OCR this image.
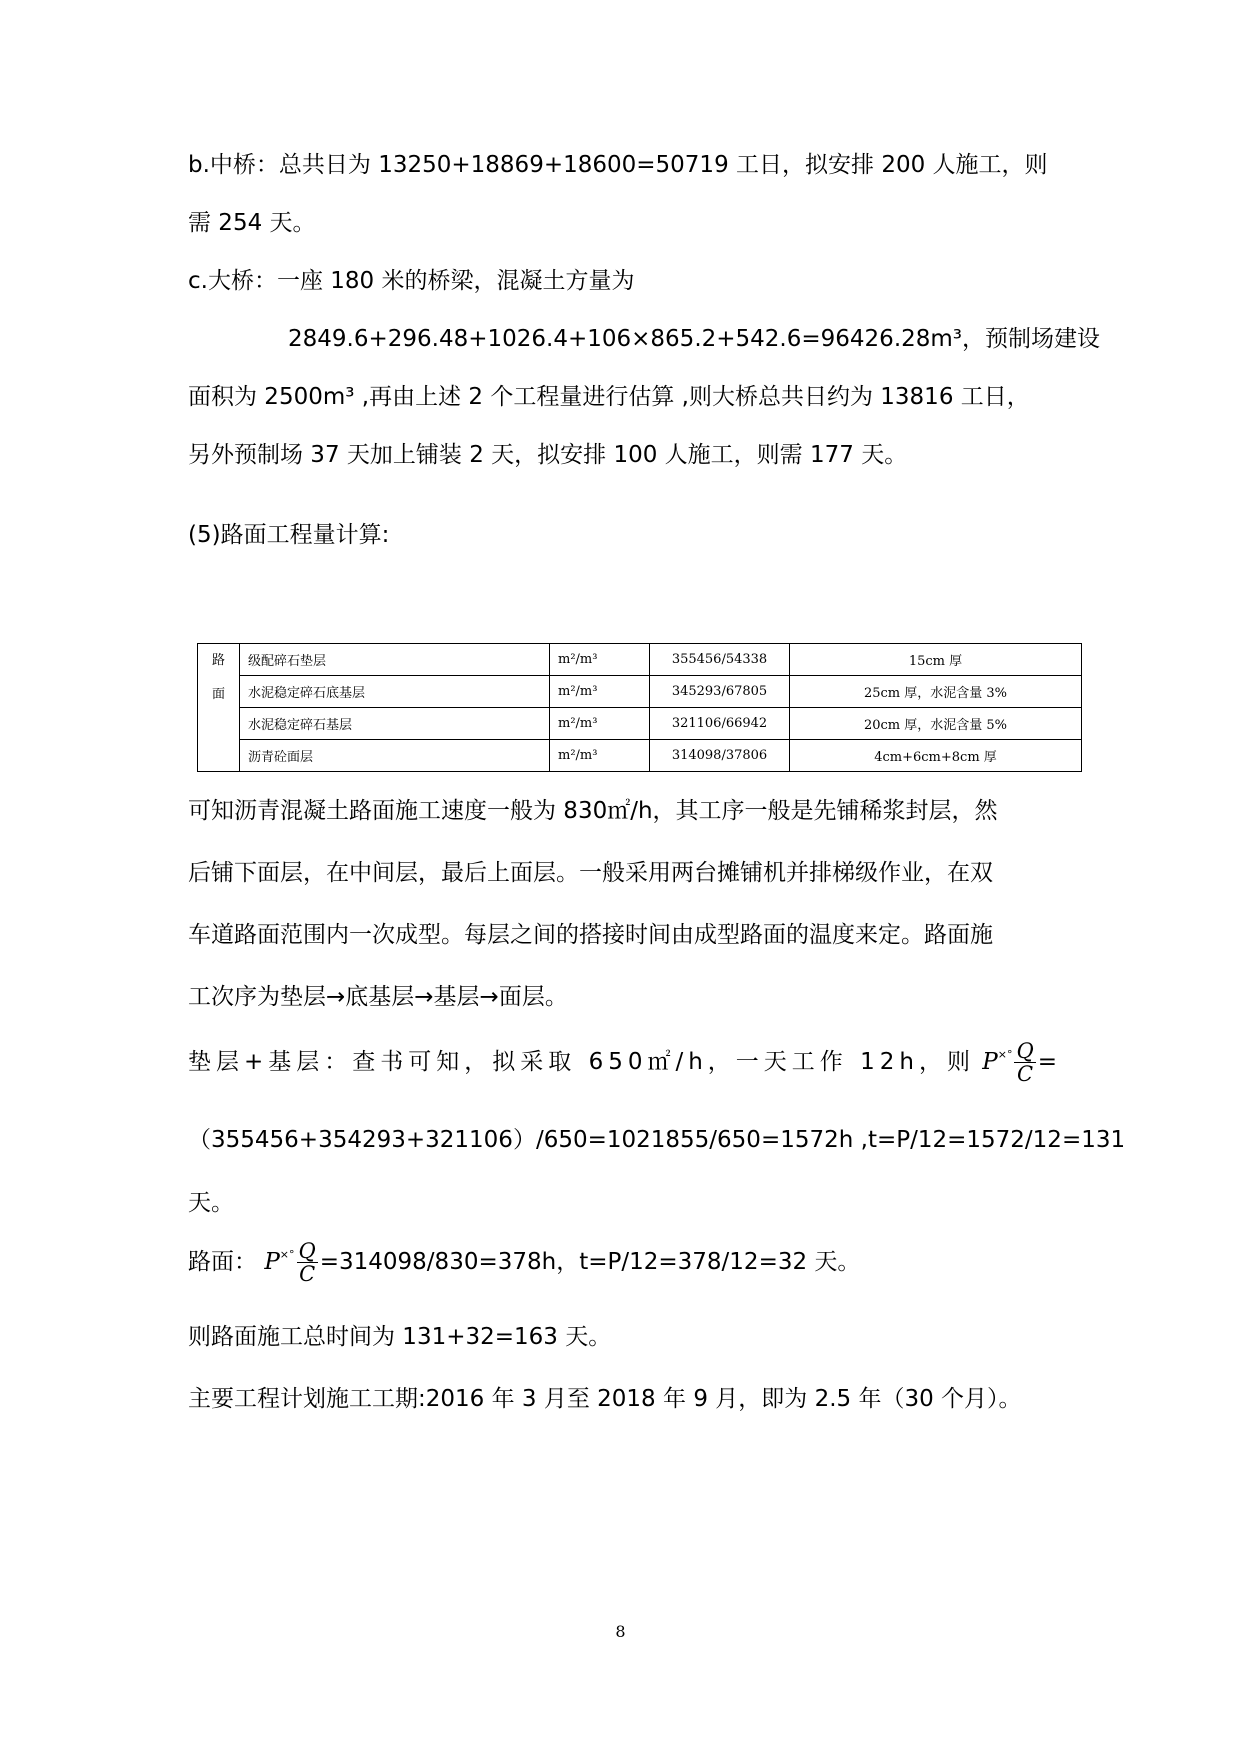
b.中桥：总共日为 13250+18869+18600=50719 工日，拟安排 200 人施工，则
需 254 天。
c.大桥：一座 180 米的桥梁，混凝土方量为
2849.6+296.48+1026.4+106×865.2+542.6=96426.28m³，预制场建设
面积为 2500m³ ,再由上述 2 个工程量进行估算 ,则大桥总共日约为 13816 工日，
另外预制场 37 天加上铺装 2 天，拟安排 100 人施工，则需 177 天。
(5)路面工程量计算:
路
面	级配碎石垫层	m²/m³	355456/54338	15cm 厚
	水泥稳定碎石底基层	m²/m³	345293/67805	25cm 厚，水泥含量 3%
	水泥稳定碎石基层	m²/m³	321106/66942	20cm 厚，水泥含量 5%
	沥青砼面层	m²/m³	314098/37806	4cm+6cm+8cm 厚
可知沥青混凝土路面施工速度一般为 830㎡/h，其工序一般是先铺稀浆封层，然
后铺下面层，在中间层，最后上面层。一般采用两台摊铺机并排梯级作业，在双
车道路面范围内一次成型。每层之间的搭接时间由成型路面的温度来定。路面施
工次序为垫层→底基层→基层→面层。
垫层+基层：查书可知，拟采取 650㎡/h，一天工作 12h，则 $P^{\times^\circ} \frac{Q}{C}$ =
（355456+354293+321106）/650=1021855/650=1572h ,t=P/12=1572/12=131
天。
路面： $P^{\times^\circ} \frac{Q}{C} =314098/830=378h$，t=P/12=378/12=32 天。
则路面施工总时间为 131+32=163 天。
主要工程计划施工工期:2016 年 3 月至 2018 年 9 月，即为 2.5 年（30 个月）。
8
